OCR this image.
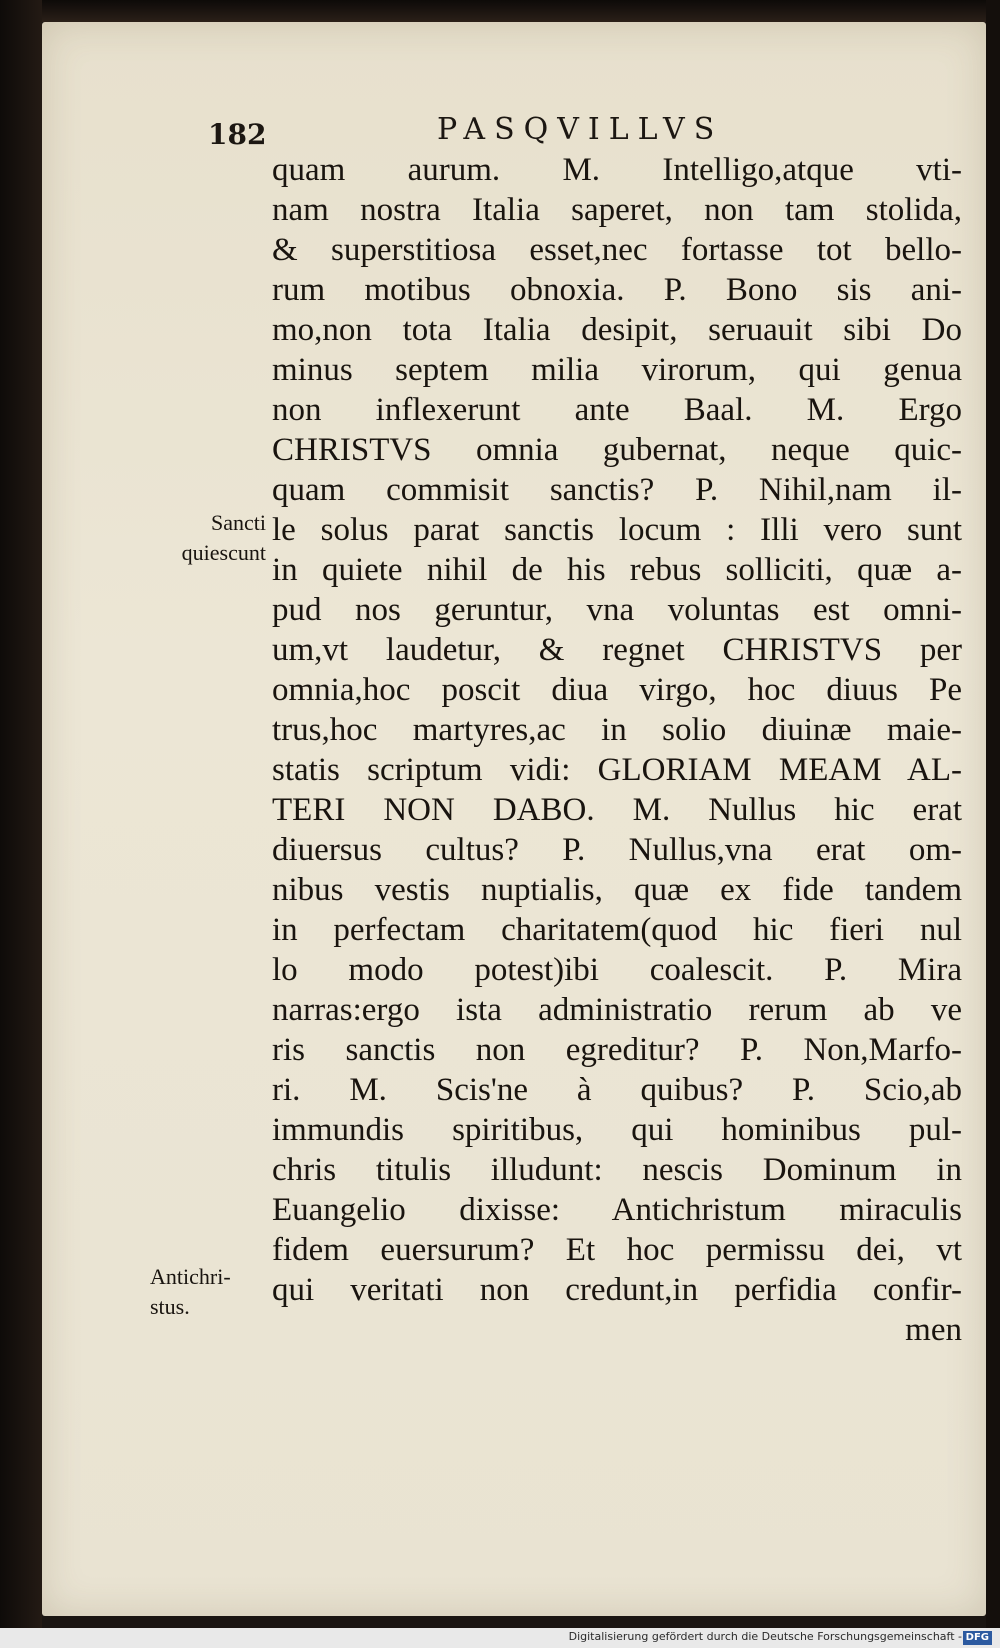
182	PASQVILLVS
quam aurum. M. Intelligo,atque vti-
nam nostra Italia saperet, non tam stolida,
& superstitiosa esset,nec fortasse tot bello-
rum motibus obnoxia. P. Bono sis ani-
mo,non tota Italia desipit, seruauit sibi Do
minus septem milia virorum, qui genua
non inflexerunt ante Baal. M. Ergo
CHRISTVS omnia gubernat, neque quic-
quam commisit sanctis? P. Nihil,nam il-
le solus parat sanctis locum : Illi vero sunt
in quiete nihil de his rebus solliciti, quæ a-
pud nos geruntur, vna voluntas est omni-
um,vt laudetur, & regnet CHRISTVS per
omnia,hoc poscit diua virgo, hoc diuus Pe
trus,hoc martyres,ac in solio diuinæ maie-
statis scriptum vidi: GLORIAM MEAM AL-
TERI NON DABO. M. Nullus hic erat
diuersus cultus? P. Nullus,vna erat om-
nibus vestis nuptialis, quæ ex fide tandem
in perfectam charitatem(quod hic fieri nul
lo modo potest)ibi coalescit. P. Mira
narras:ergo ista administratio rerum ab ve
ris sanctis non egreditur? P. Non,Marfo-
ri. M. Scis'ne à quibus? P. Scio,ab
immundis spiritibus, qui hominibus pul-
chris titulis illudunt: nescis Dominum in
Euangelio dixisse: Antichristum miraculis
fidem euersurum? Et hoc permissu dei, vt
qui veritati non credunt,in perfidia confir-
men
Sancti
quiescunt
Antichri-
stus.
Digitalisierung gefördert durch die Deutsche Forschungsgemeinschaft - DFG
